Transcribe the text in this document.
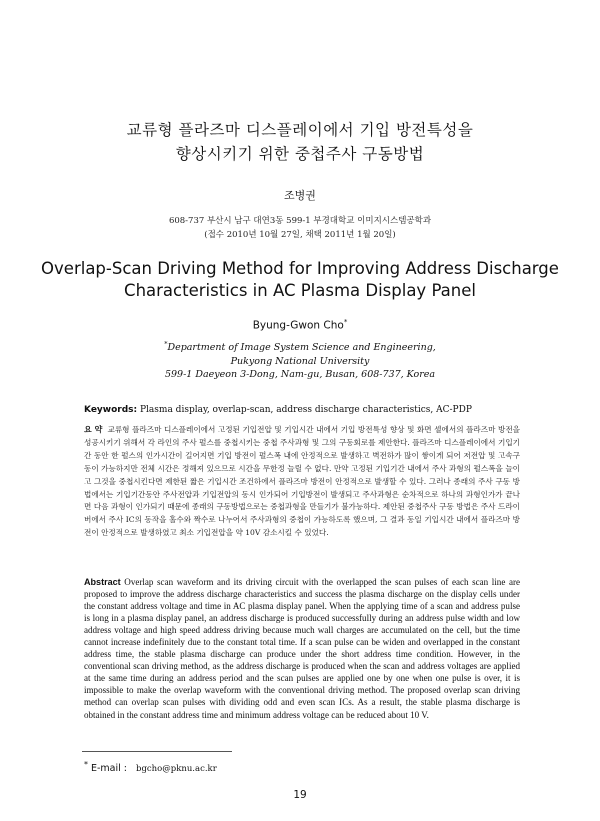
교류형 플라즈마 디스플레이에서 기입 방전특성을
향상시키기 위한 중첩주사 구동방법
조병권
608-737 부산시 남구 대연3동 599-1 부경대학교 이미지시스템공학과
(접수 2010년 10월 27일, 채택 2011년 1월 20일)
Overlap-Scan Driving Method for Improving Address Discharge
Characteristics in AC Plasma Display Panel
Byung-Gwon Cho*
*Department of Image System Science and Engineering,
Pukyong National University
599-1 Daeyeon 3-Dong, Nam-gu, Busan, 608-737, Korea
Keywords: Plasma display, overlap-scan, address discharge characteristics, AC-PDP
요 약 교류형 플라즈마 디스플레이에서 고정된 기입전압 및 기입시간 내에서 기입 방전특성 향상 및 화면 셀에서의 플라즈마 방전을 성공시키기 위해서 각 라인의 주사 펄스를 중첩시키는 중첩 주사과형 및 그의 구동회로를 제안한다. 플라즈마 디스플레이에서 기입기간 동안 한 펄스의 인가시간이 길어지면 기입 방전이 펄스폭 내에 안정적으로 발생하고 벽전하가 많이 쌓이게 되어 저전압 및 고속구동이 가능하지만 전체 시간은 정해져 있으므로 시간을 무한정 늘릴 수 없다. 만약 고정된 기입기간 내에서 주사 과형의 펄스폭을 늘이고 그것을 중첩시킨다면 제한된 짧은 기입시간 조건하에서 플라즈마 방전이 안정적으로 발생할 수 있다. 그러나 종래의 주사 구동 방법에서는 기입기간동안 주사전압과 기입전압의 동시 인가되어 기입방전이 발생되고 주사과형은 순차적으로 하나의 과형인가가 끝나면 다음 과형이 인가되기 때문에 종래의 구동방법으로는 중첩과형을 만들기가 불가능하다. 제안된 중첩주사 구동 방법은 주사 드라이버에서 주사 IC의 동작을 홀수와 짝수로 나누어서 주사과형의 중첩이 가능하도록 했으며, 그 결과 동일 기입시간 내에서 플라즈마 방전이 안정적으로 발생하였고 최소 기입전압을 약 10V 감소시킬 수 있었다.
Abstract Overlap scan waveform and its driving circuit with the overlapped the scan pulses of each scan line are proposed to improve the address discharge characteristics and success the plasma discharge on the display cells under the constant address voltage and time in AC plasma display panel. When the applying time of a scan and address pulse is long in a plasma display panel, an address discharge is produced successfully during an address pulse width and low address voltage and high speed address driving because much wall charges are accumulated on the cell, but the time cannot increase indefinitely due to the constant total time. If a scan pulse can be widen and overlapped in the constant address time, the stable plasma discharge can produce under the short address time condition. However, in the conventional scan driving method, as the address discharge is produced when the scan and address voltages are applied at the same time during an address period and the scan pulses are applied one by one when one pulse is over, it is impossible to make the overlap waveform with the conventional driving method. The proposed overlap scan driving method can overlap scan pulses with dividing odd and even scan ICs. As a result, the stable plasma discharge is obtained in the constant address time and minimum address voltage can be reduced about 10 V.
* E-mail : bgcho@pknu.ac.kr
19
